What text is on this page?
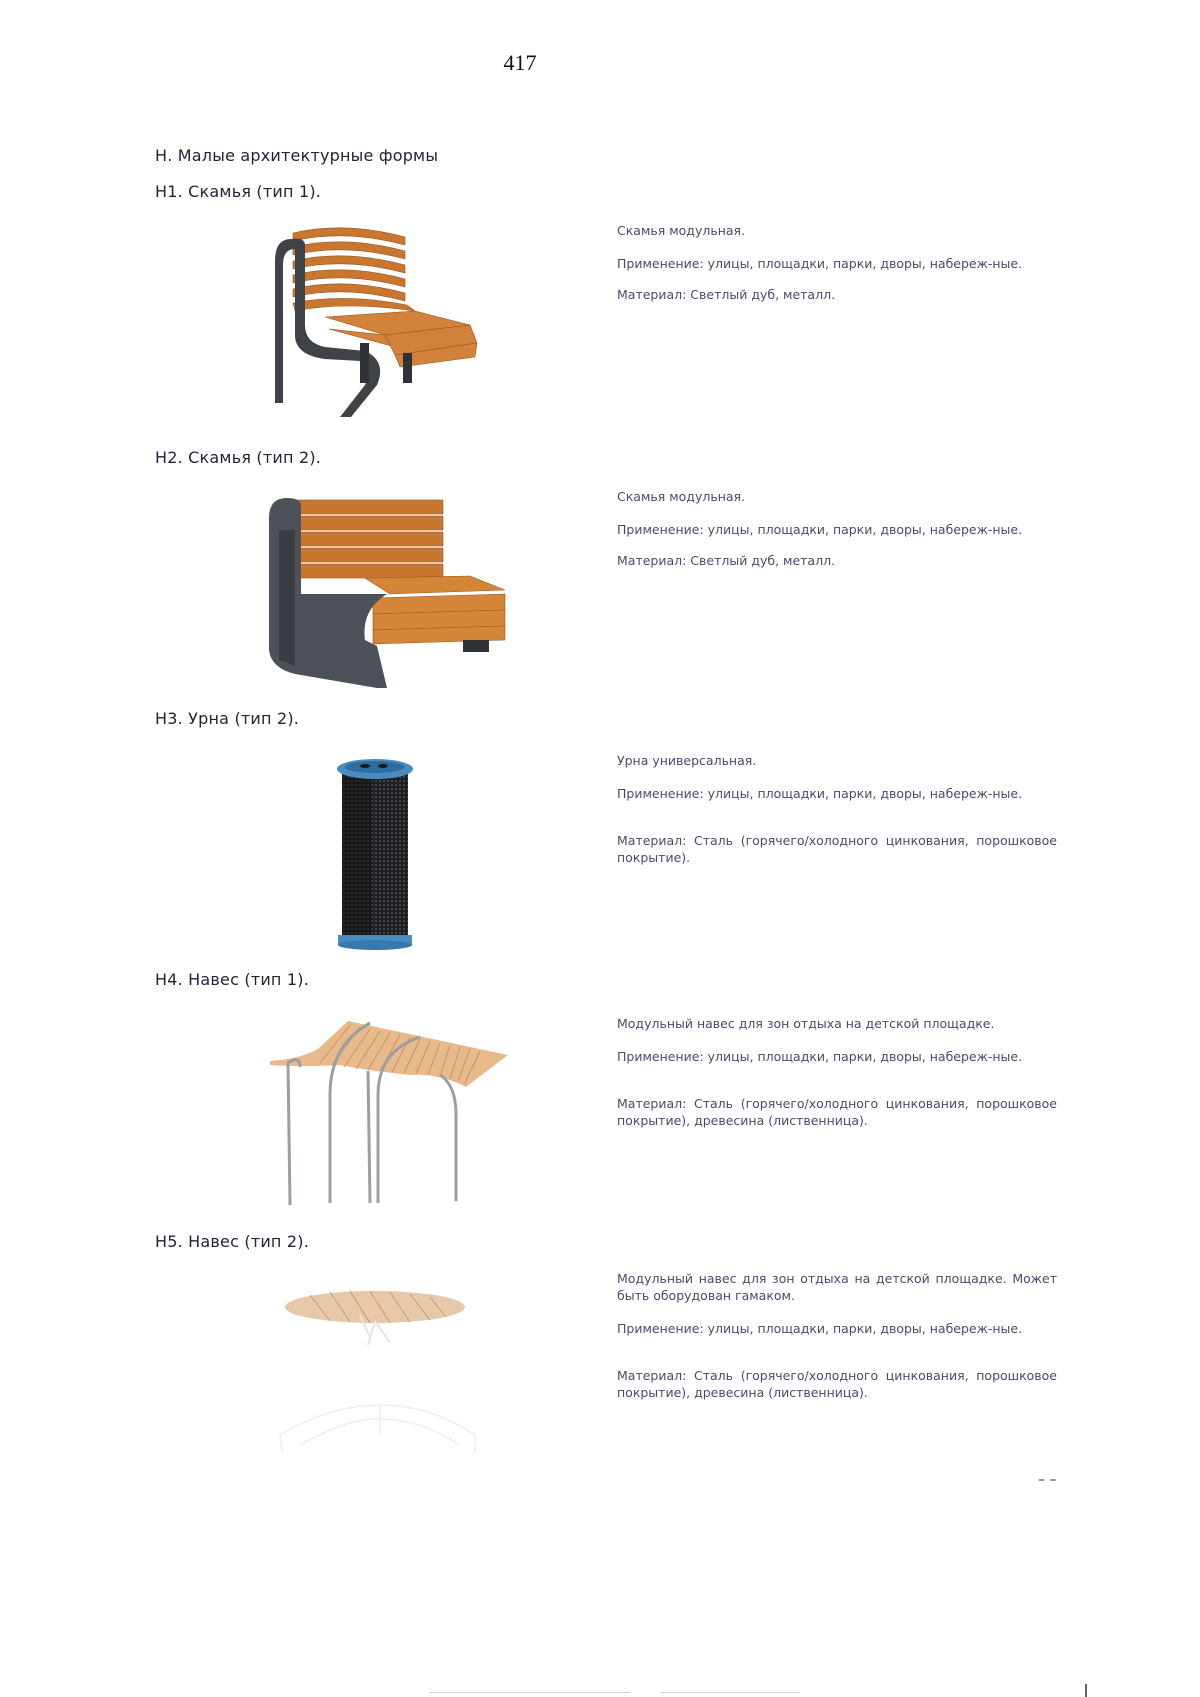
417
Н. Малые архитектурные формы
Н1. Скамья (тип 1).

Скамья модульная.

Применение: улицы, площадки, парки, дворы, набереж-ные.

Материал: Светлый дуб, металл.

Н2. Скамья (тип 2).

Скамья модульная.

Применение: улицы, площадки, парки, дворы, набереж-ные.

Материал: Светлый дуб, металл.

Н3. Урна (тип 2).

Урна универсальная.

Применение: улицы, площадки, парки, дворы, набереж-ные.

Материал: Сталь (горячего/холодного цинкования, порошковое покрытие).

Н4. Навес (тип 1).

Модульный навес для зон отдыха на детской площадке.

Применение: улицы, площадки, парки, дворы, набереж-ные.

Материал: Сталь (горячего/холодного цинкования, порошковое покрытие), древесина (лиственница).

Н5. Навес (тип 2).

Модульный навес для зон отдыха на детской площадке. Может быть оборудован гамаком.

Применение: улицы, площадки, парки, дворы, набереж-ные.

Материал: Сталь (горячего/холодного цинкования, порошковое покрытие), древесина (лиственница).

– –
